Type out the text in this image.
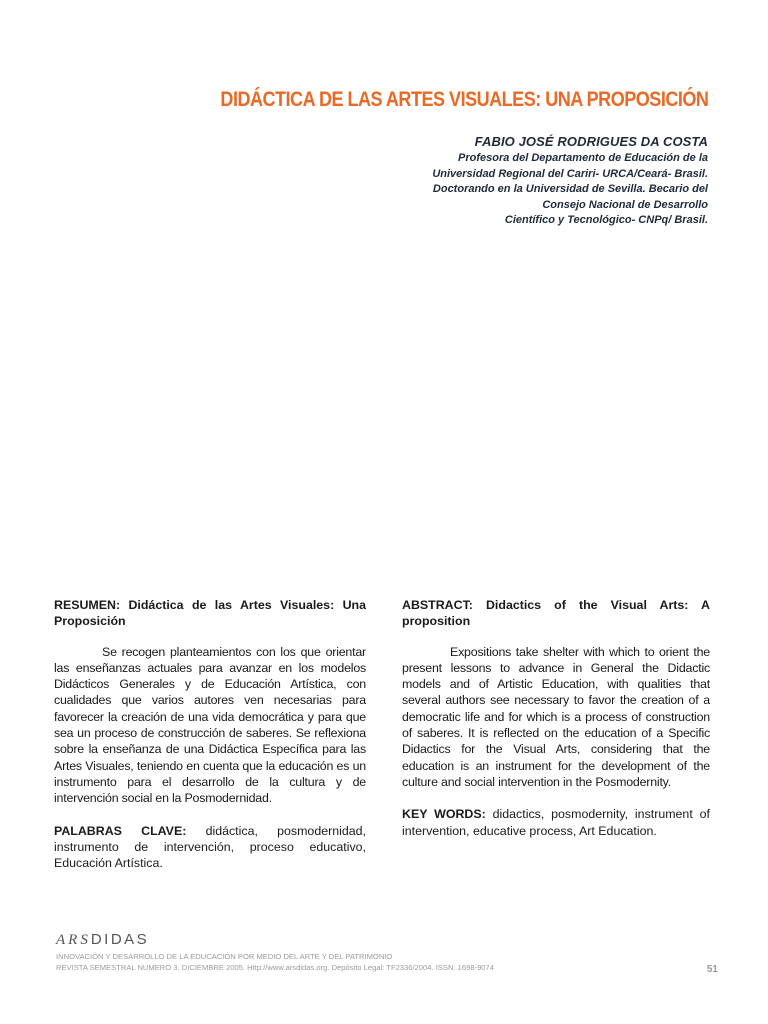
DIDÁCTICA DE LAS ARTES VISUALES: UNA PROPOSICIÓN

FABIO JOSÉ RODRIGUES DA COSTA

Profesora del Departamento de Educación de la
Universidad Regional del Cariri- URCA/Ceará- Brasil.
Doctorando en la Universidad de Sevilla. Becario del
Consejo Nacional de Desarrollo
Científico y Tecnológico- CNPq/ Brasil.

RESUMEN: Didáctica de las Artes Visuales: Una Proposición

Se recogen planteamientos con los que orientar las enseñanzas actuales para avanzar en los modelos Didácticos Generales y de Educación Artística, con cualidades que varios autores ven necesarias para favorecer la creación de una vida democrática y para que sea un proceso de construcción de saberes. Se reflexiona sobre la enseñanza de una Didáctica Específica para las Artes Visuales, teniendo en cuenta que la educación es un instrumento para el desarrollo de la cultura y de intervención social en la Posmodernidad.

PALABRAS CLAVE: didáctica, posmodernidad, instrumento de intervención, proceso educativo, Educación Artística.

ABSTRACT: Didactics of the Visual Arts: A proposition

Expositions take shelter with which to orient the present lessons to advance in General the Didactic models and of Artistic Education, with qualities that several authors see necessary to favor the creation of a democratic life and for which is a process of construction of saberes. It is reflected on the education of a Specific Didactics for the Visual Arts, considering that the education is an instrument for the development of the culture and social intervention in the Posmodernity.

KEY WORDS: didactics, posmodernity, instrument of intervention, educative process, Art Education.

ARSDIDAS
INNOVACIÓN Y DESARROLLO DE LA EDUCACIÓN POR MEDIO DEL ARTE Y DEL PATRIMONIO
REVISTA SEMESTRAL NUMERO 3. DICIEMBRE 2005. Http://www.arsdidas.org. Depósito Legal: TF2336/2004. ISSN: 1698-9074	51
